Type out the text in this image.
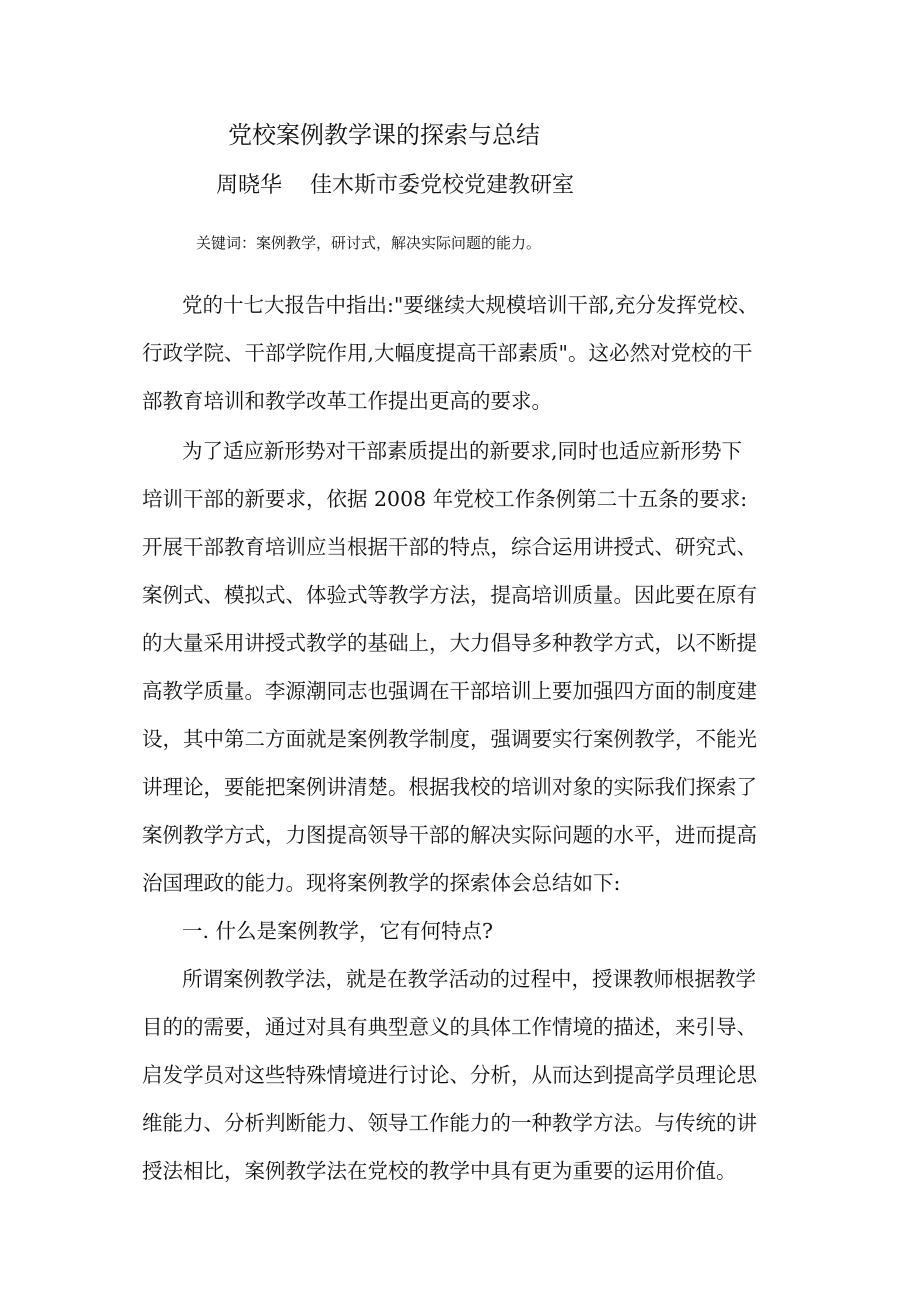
党校案例教学课的探索与总结
周晓华 佳木斯市委党校党建教研室
关键词：案例教学，研讨式，解决实际问题的能力。
党的十七大报告中指出:"要继续大规模培训干部,充分发挥党校、
行政学院、干部学院作用,大幅度提高干部素质"。这必然对党校的干
部教育培训和教学改革工作提出更高的要求。
为了适应新形势对干部素质提出的新要求,同时也适应新形势下
培训干部的新要求，依据 2008 年党校工作条例第二十五条的要求:
开展干部教育培训应当根据干部的特点，综合运用讲授式、研究式、
案例式、模拟式、体验式等教学方法，提高培训质量。因此要在原有
的大量采用讲授式教学的基础上，大力倡导多种教学方式，以不断提
高教学质量。李源潮同志也强调在干部培训上要加强四方面的制度建
设，其中第二方面就是案例教学制度，强调要实行案例教学，不能光
讲理论，要能把案例讲清楚。根据我校的培训对象的实际我们探索了
案例教学方式，力图提高领导干部的解决实际问题的水平，进而提高
治国理政的能力。现将案例教学的探索体会总结如下:
一. 什么是案例教学，它有何特点?
所谓案例教学法，就是在教学活动的过程中，授课教师根据教学
目的的需要，通过对具有典型意义的具体工作情境的描述，来引导、
启发学员对这些特殊情境进行讨论、分析，从而达到提高学员理论思
维能力、分析判断能力、领导工作能力的一种教学方法。与传统的讲
授法相比，案例教学法在党校的教学中具有更为重要的运用价值。
